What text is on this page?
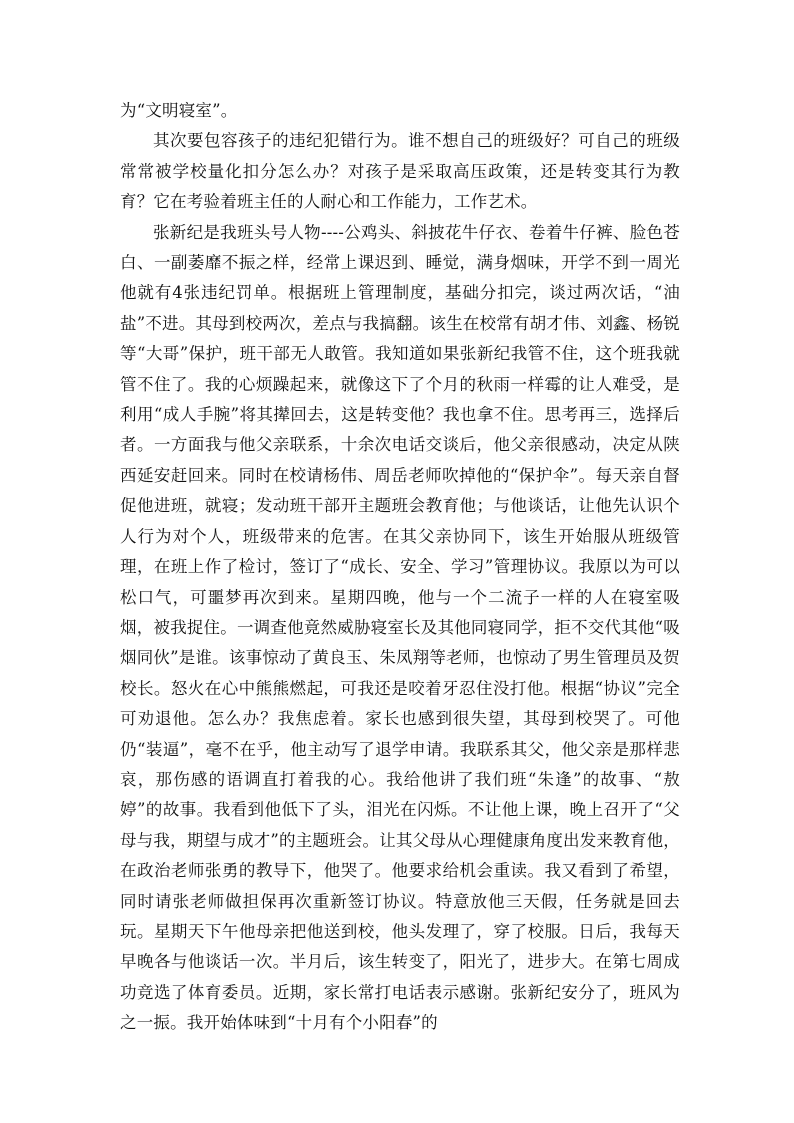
为“文明寝室”。

其次要包容孩子的违纪犯错行为。谁不想自己的班级好？可自己的班级常常被学校量化扣分怎么办？对孩子是采取高压政策，还是转变其行为教育？它在考验着班主任的人耐心和工作能力，工作艺术。

张新纪是我班头号人物----公鸡头、斜披花牛仔衣、卷着牛仔裤、脸色苍白、一副萎靡不振之样，经常上课迟到、睡觉，满身烟味，开学不到一周光他就有4张违纪罚单。根据班上管理制度，基础分扣完，谈过两次话，“油盐”不进。其母到校两次，差点与我搞翻。该生在校常有胡才伟、刘鑫、杨锐等“大哥”保护，班干部无人敢管。我知道如果张新纪我管不住，这个班我就管不住了。我的心烦躁起来，就像这下了个月的秋雨一样霉的让人难受，是利用“成人手腕”将其撵回去，这是转变他？我也拿不住。思考再三，选择后者。一方面我与他父亲联系，十余次电话交谈后，他父亲很感动，决定从陕西延安赶回来。同时在校请杨伟、周岳老师吹掉他的“保护伞”。每天亲自督促他进班，就寝；发动班干部开主题班会教育他；与他谈话，让他先认识个人行为对个人，班级带来的危害。在其父亲协同下，该生开始服从班级管理，在班上作了检讨，签订了“成长、安全、学习”管理协议。我原以为可以松口气，可噩梦再次到来。星期四晚，他与一个二流子一样的人在寝室吸烟，被我捉住。一调查他竟然威胁寝室长及其他同寝同学，拒不交代其他“吸烟同伙”是谁。该事惊动了黄良玉、朱凤翔等老师，也惊动了男生管理员及贺校长。怒火在心中熊熊燃起，可我还是咬着牙忍住没打他。根据“协议”完全可劝退他。怎么办？我焦虑着。家长也感到很失望，其母到校哭了。可他仍“装逼”，毫不在乎，他主动写了退学申请。我联系其父，他父亲是那样悲哀，那伤感的语调直打着我的心。我给他讲了我们班“朱逢”的故事、“敖婷”的故事。我看到他低下了头，泪光在闪烁。不让他上课，晚上召开了“父母与我，期望与成才”的主题班会。让其父母从心理健康角度出发来教育他，在政治老师张勇的教导下，他哭了。他要求给机会重读。我又看到了希望，同时请张老师做担保再次重新签订协议。特意放他三天假，任务就是回去玩。星期天下午他母亲把他送到校，他头发理了，穿了校服。日后，我每天早晚各与他谈话一次。半月后，该生转变了，阳光了，进步大。在第七周成功竞选了体育委员。近期，家长常打电话表示感谢。张新纪安分了，班风为之一振。我开始体味到“十月有个小阳春”的
